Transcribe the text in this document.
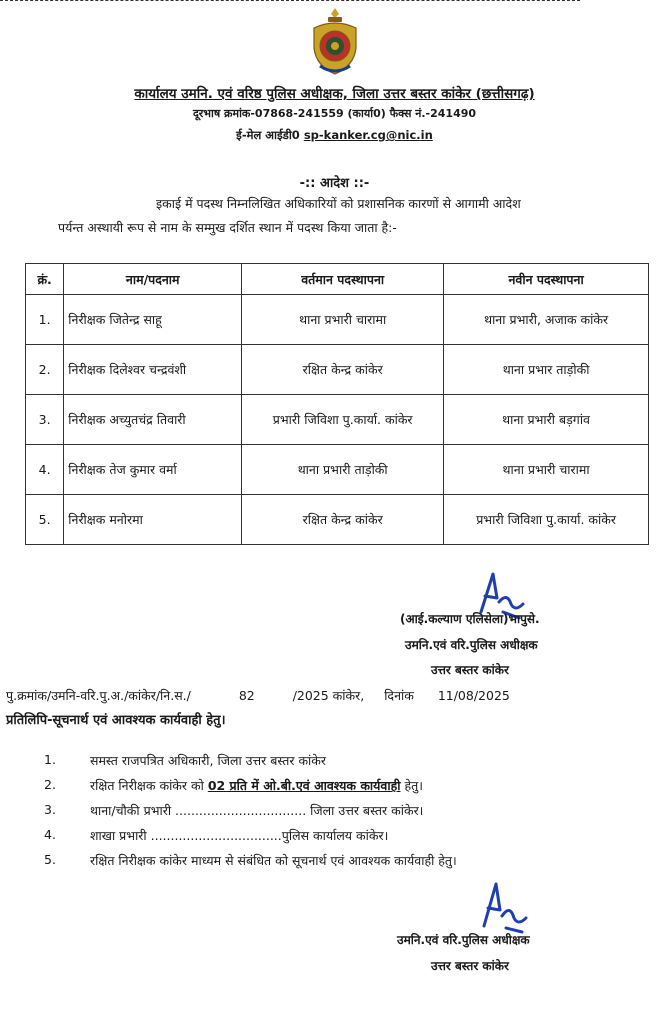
कार्यालय उमनि. एवं वरिष्ठ पुलिस अधीक्षक, जिला उत्तर बस्तर कांकेर (छत्तीसगढ़)
दूरभाष क्रमांक-07868-241559 (कार्या0) फैक्स नं.-241490
ई-मेल आईडी0 sp-kanker.cg@nic.in
-:: आदेश ::-
इकाई में पदस्थ निम्नलिखित अधिकारियों को प्रशासनिक कारणों से आगामी आदेश
पर्यन्त अस्थायी रूप से नाम के सम्मुख दर्शित स्थान में पदस्थ किया जाता है:-
क्रं.	नाम/पदनाम	वर्तमान पदस्थापना	नवीन पदस्थापना
1.	निरीक्षक जितेन्द्र साहू	थाना प्रभारी चारामा	थाना प्रभारी, अजाक कांकेर
2.	निरीक्षक दिलेश्वर चन्द्रवंशी	रक्षित केन्द्र कांकेर	थाना प्रभार ताड़ोकी
3.	निरीक्षक अच्युतचंद्र तिवारी	प्रभारी जिविशा पु.कार्या. कांकेर	थाना प्रभारी बड़गांव
4.	निरीक्षक तेज कुमार वर्मा	थाना प्रभारी ताड़ोकी	थाना प्रभारी चारामा
5.	निरीक्षक मनोरमा	रक्षित केन्द्र कांकेर	प्रभारी जिविशा पु.कार्या. कांकेर
(आई.कल्याण एलिसेला)भापुसे.
उमनि.एवं वरि.पुलिस अधीक्षक
उत्तर बस्तर कांकेर
पु.क्रमांक/उमनि-वरि.पु.अ./कांकेर/नि.स./	82	/2025 कांकेर, दिनांक 11/08/2025
प्रतिलिपि-सूचनार्थ एवं आवश्यक कार्यवाही हेतु।
1.	समस्त राजपत्रित अधिकारी, जिला उत्तर बस्तर कांकेर
2.	रक्षित निरीक्षक कांकेर को 02 प्रति में ओ.बी.एवं आवश्यक कार्यवाही हेतु।
3.	थाना/चौकी प्रभारी ................................. जिला उत्तर बस्तर कांकेर।
4.	शाखा प्रभारी .................................पुलिस कार्यालय कांकेर।
5.	रक्षित निरीक्षक कांकेर माध्यम से संबंधित को सूचनार्थ एवं आवश्यक कार्यवाही हेतु।
उमनि.एवं वरि.पुलिस अधीक्षक
उत्तर बस्तर कांकेर
